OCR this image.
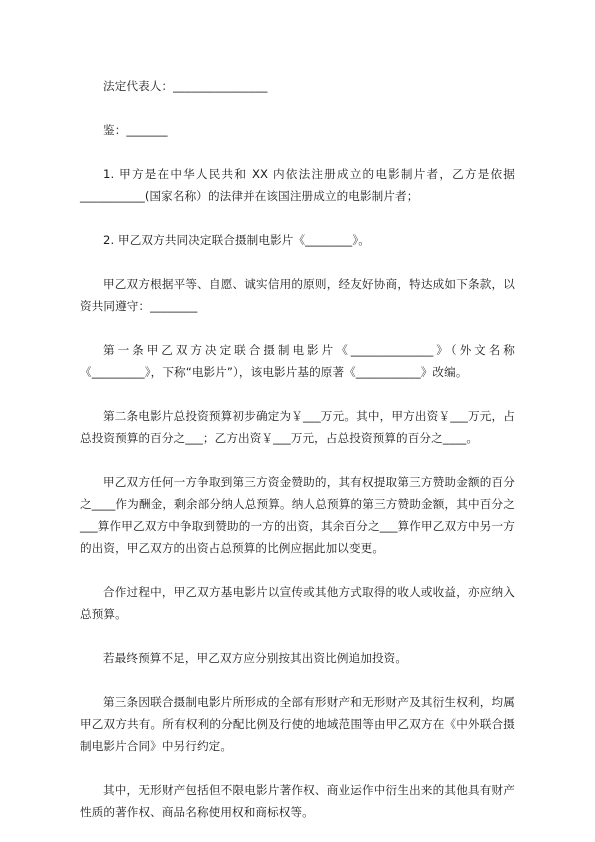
法定代表人：________________

鉴：_______

1. 甲方是在中华人民共和 XX 内依法注册成立的电影制片者，乙方是依据___________(国家名称）的法律并在该国注册成立的电影制片者；

2. 甲乙双方共同决定联合摄制电影片《________》。

甲乙双方根据平等、自愿、诚实信用的原则，经友好协商，特达成如下条款，以资共同遵守：________

第一条甲乙双方决定联合摄制电影片《______________》（外文名称《_________》，下称“电影片”），该电影片基的原著《___________》改编。

第二条电影片总投资预算初步确定为￥___万元。其中，甲方出资￥___万元，占总投资预算的百分之___；乙方出资￥___万元，占总投资预算的百分之____。

甲乙双方任何一方争取到第三方资金赞助的，其有权提取第三方赞助金额的百分之____作为酬金，剩余部分纳人总预算。纳人总预算的第三方赞助金额，其中百分之___算作甲乙双方中争取到赞助的一方的出资，其余百分之___算作甲乙双方中另一方的出资，甲乙双方的出资占总预算的比例应据此加以变更。

合作过程中，甲乙双方基电影片以宣传或其他方式取得的收人或收益，亦应纳入总预算。

若最终预算不足，甲乙双方应分别按其出资比例追加投资。

第三条因联合摄制电影片所形成的全部有形财产和无形财产及其衍生权利，均属甲乙双方共有。所有权利的分配比例及行使的地域范围等由甲乙双方在《中外联合摄制电影片合同》中另行约定。

其中，无形财产包括但不限电影片著作权、商业运作中衍生出来的其他具有财产性质的著作权、商品名称使用权和商标权等。
